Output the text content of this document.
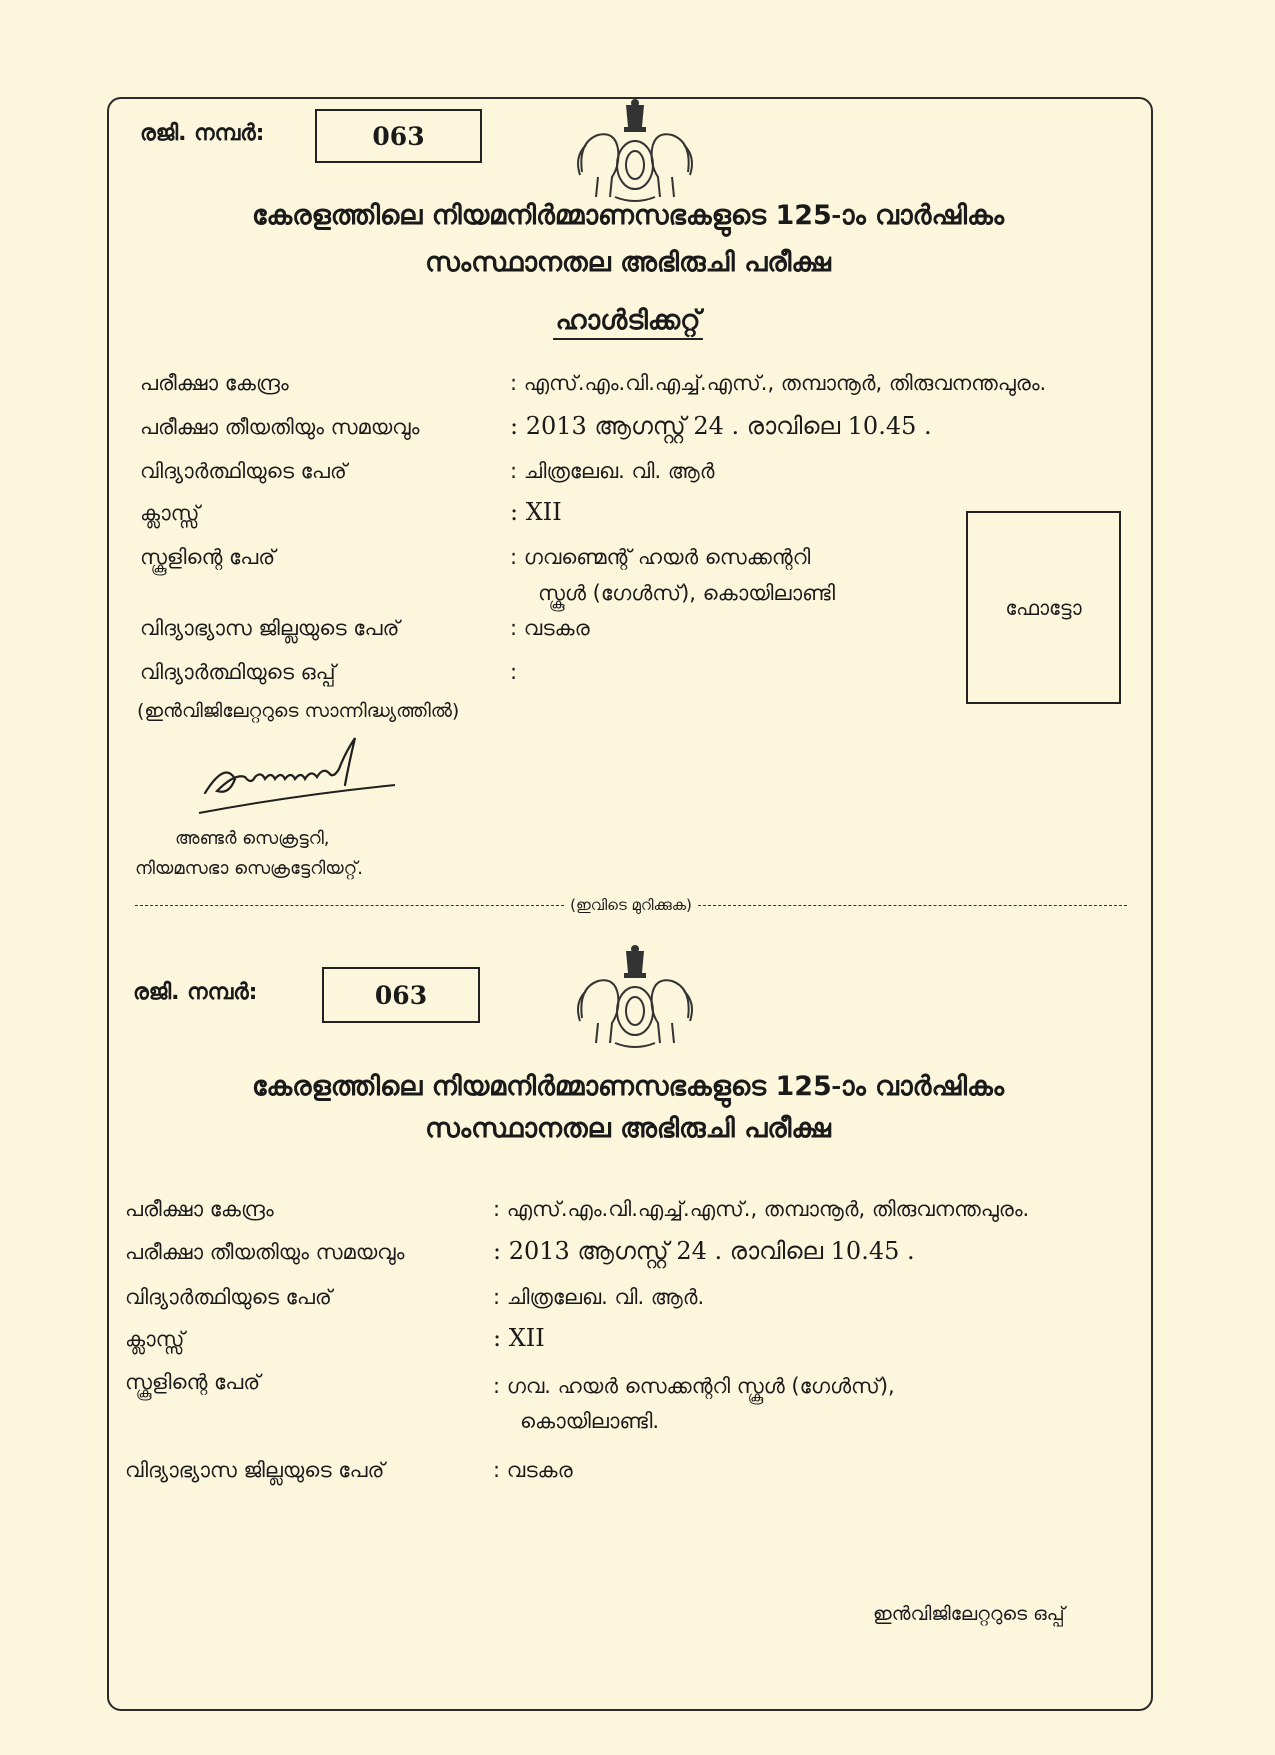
രജി. നമ്പർ:	063
കേരളത്തിലെ നിയമനിർമ്മാണസഭകളുടെ 125-ാം വാർഷികം
സംസ്ഥാനതല അഭിരുചി പരീക്ഷ
ഹാൾടിക്കറ്റ്
പരീക്ഷാ കേന്ദ്രം	: എസ്.എം.വി.എച്ച്.എസ്., തമ്പാനൂർ, തിരുവനന്തപുരം.
പരീക്ഷാ തീയതിയും സമയവും	: 2013 ആഗസ്റ്റ് 24 . രാവിലെ 10.45 .
വിദ്യാർത്ഥിയുടെ പേര്	: ചിത്രലേഖ. വി. ആർ
ക്ലാസ്സ്	: XII
സ്കൂളിന്റെ പേര്	: ഗവണ്മെന്റ് ഹയർ സെക്കന്ററി
സ്കൂൾ (ഗേൾസ്), കൊയിലാണ്ടി
വിദ്യാഭ്യാസ ജില്ലയുടെ പേര്	: വടകര
വിദ്യാർത്ഥിയുടെ ഒപ്പ്	:
(ഇൻവിജിലേറ്ററുടെ സാന്നിദ്ധ്യത്തിൽ)
ഫോട്ടോ
അണ്ടർ സെക്രട്ടറി,
നിയമസഭാ സെക്രട്ടേറിയറ്റ്.
(ഇവിടെ മുറിക്കുക)
രജി. നമ്പർ:	063
കേരളത്തിലെ നിയമനിർമ്മാണസഭകളുടെ 125-ാം വാർഷികം
സംസ്ഥാനതല അഭിരുചി പരീക്ഷ
പരീക്ഷാ കേന്ദ്രം	: എസ്.എം.വി.എച്ച്.എസ്., തമ്പാനൂർ, തിരുവനന്തപുരം.
പരീക്ഷാ തീയതിയും സമയവും	: 2013 ആഗസ്റ്റ് 24 . രാവിലെ 10.45 .
വിദ്യാർത്ഥിയുടെ പേര്	: ചിത്രലേഖ. വി. ആർ.
ക്ലാസ്സ്	: XII
സ്കൂളിന്റെ പേര്	: ഗവ. ഹയർ സെക്കന്ററി സ്കൂൾ (ഗേൾസ്),
കൊയിലാണ്ടി.
വിദ്യാഭ്യാസ ജില്ലയുടെ പേര്	: വടകര
ഇൻവിജിലേറ്ററുടെ ഒപ്പ്
